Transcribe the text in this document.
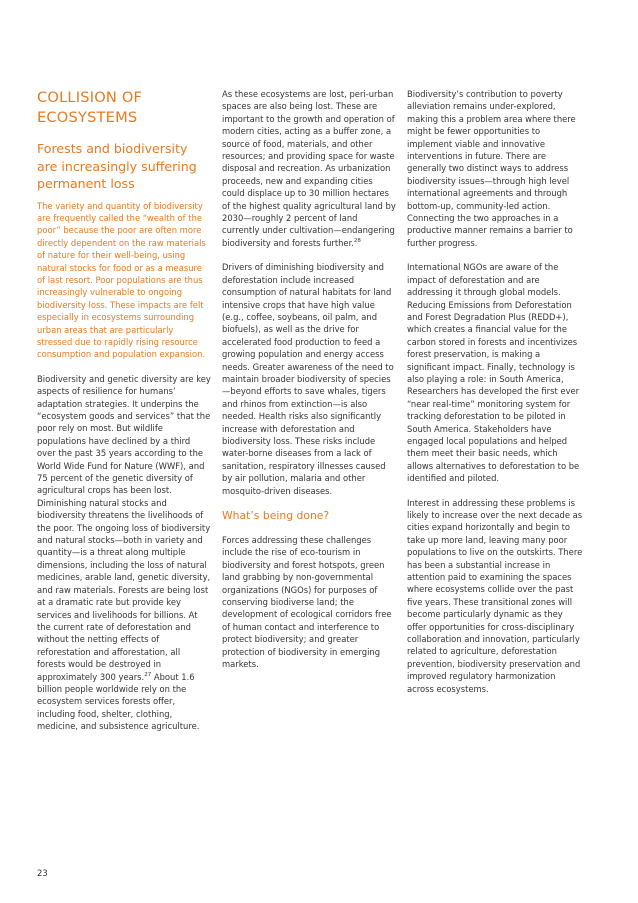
COLLISION OF ECOSYSTEMS
Forests and biodiversity are increasingly suffering permanent loss

The variety and quantity of biodiversity are frequently called the “wealth of the poor” because the poor are often more directly dependent on the raw materials of nature for their well-being, using natural stocks for food or as a measure of last resort. Poor populations are thus increasingly vulnerable to ongoing biodiversity loss. These impacts are felt especially in ecosystems surrounding urban areas that are particularly stressed due to rapidly rising resource consumption and population expansion.

Biodiversity and genetic diversity are key aspects of resilience for humans’ adaptation strategies. It underpins the “ecosystem goods and services” that the poor rely on most. But wildlife populations have declined by a third over the past 35 years according to the World Wide Fund for Nature (WWF), and 75 percent of the genetic diversity of agricultural crops has been lost. Diminishing natural stocks and biodiversity threatens the livelihoods of the poor. The ongoing loss of biodiversity and natural stocks—both in variety and quantity—is a threat along multiple dimensions, including the loss of natural medicines, arable land, genetic diversity, and raw materials. Forests are being lost at a dramatic rate but provide key services and livelihoods for billions. At the current rate of deforestation and without the netting effects of reforestation and afforestation, all forests would be destroyed in approximately 300 years.$^{27}$ About 1.6 billion people worldwide rely on the ecosystem services forests offer, including food, shelter, clothing, medicine, and subsistence agriculture.

As these ecosystems are lost, peri-urban spaces are also being lost. These are important to the growth and operation of modern cities, acting as a buffer zone, a source of food, materials, and other resources; and providing space for waste disposal and recreation. As urbanization proceeds, new and expanding cities could displace up to 30 million hectares of the highest quality agricultural land by 2030—roughly 2 percent of land currently under cultivation—endangering biodiversity and forests further.$^{28}$

Drivers of diminishing biodiversity and deforestation include increased consumption of natural habitats for land intensive crops that have high value (e.g., coffee, soybeans, oil palm, and biofuels), as well as the drive for accelerated food production to feed a growing population and energy access needs. Greater awareness of the need to maintain broader biodiversity of species—beyond efforts to save whales, tigers and rhinos from extinction—is also needed. Health risks also significantly increase with deforestation and biodiversity loss. These risks include water-borne diseases from a lack of sanitation, respiratory illnesses caused by air pollution, malaria and other mosquito-driven diseases.

What’s being done?

Forces addressing these challenges include the rise of eco-tourism in biodiversity and forest hotspots, green land grabbing by non-governmental organizations (NGOs) for purposes of conserving biodiverse land; the development of ecological corridors free of human contact and interference to protect biodiversity; and greater protection of biodiversity in emerging markets.

Biodiversity’s contribution to poverty alleviation remains under-explored, making this a problem area where there might be fewer opportunities to implement viable and innovative interventions in future. There are generally two distinct ways to address biodiversity issues—through high level international agreements and through bottom-up, community-led action. Connecting the two approaches in a productive manner remains a barrier to further progress.

International NGOs are aware of the impact of deforestation and are addressing it through global models. Reducing Emissions from Deforestation and Forest Degradation Plus (REDD+), which creates a financial value for the carbon stored in forests and incentivizes forest preservation, is making a significant impact. Finally, technology is also playing a role: in South America, Researchers has developed the first ever “near real-time” monitoring system for tracking deforestation to be piloted in South America. Stakeholders have engaged local populations and helped them meet their basic needs, which allows alternatives to deforestation to be identified and piloted.

Interest in addressing these problems is likely to increase over the next decade as cities expand horizontally and begin to take up more land, leaving many poor populations to live on the outskirts. There has been a substantial increase in attention paid to examining the spaces where ecosystems collide over the past five years. These transitional zones will become particularly dynamic as they offer opportunities for cross-disciplinary collaboration and innovation, particularly related to agriculture, deforestation prevention, biodiversity preservation and improved regulatory harmonization across ecosystems.

23
